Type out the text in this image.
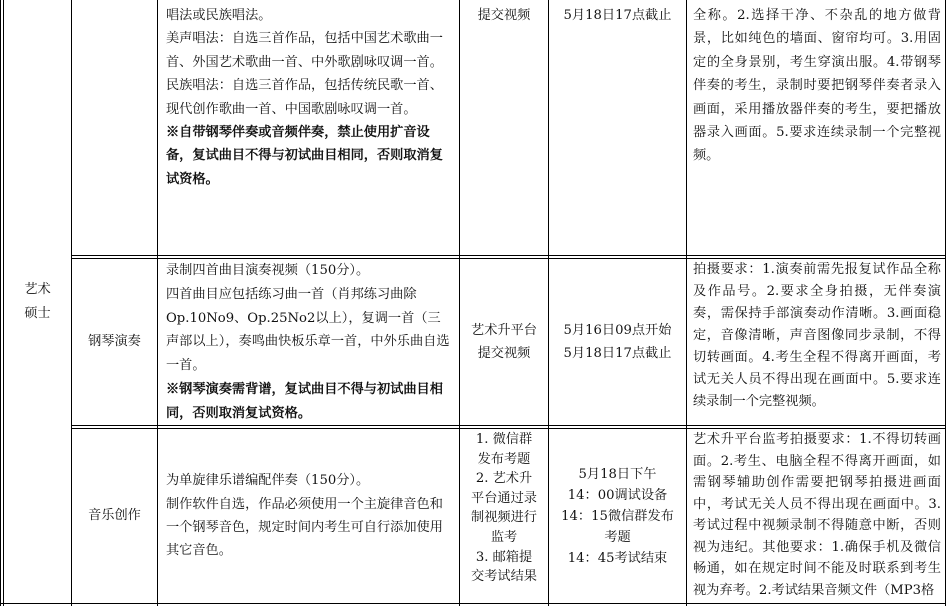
艺术
硕士
唱法或民族唱法。
美声唱法：自选三首作品，包括中国艺术歌曲一首、外国艺术歌曲一首、中外歌剧咏叹调一首。
民族唱法：自选三首作品，包括传统民歌一首、现代创作歌曲一首、中国歌剧咏叹调一首。
※自带钢琴伴奏或音频伴奏，禁止使用扩音设备，复试曲目不得与初试曲目相同，否则取消复试资格。
提交视频	5月18日17点截止	全称。2.选择干净、不杂乱的地方做背景，比如纯色的墙面、窗帘均可。3.用固定的全身景别，考生穿演出服。4.带钢琴伴奏的考生，录制时要把钢琴伴奏者录入画面，采用播放器伴奏的考生，要把播放器录入画面。5.要求连续录制一个完整视频。
钢琴演奏
录制四首曲目演奏视频（150分）。
四首曲目应包括练习曲一首（肖邦练习曲除Op.10No9、Op.25No2以上），复调一首（三声部以上），奏鸣曲快板乐章一首，中外乐曲自选一首。
※钢琴演奏需背谱，复试曲目不得与初试曲目相同，否则取消复试资格。
艺术升平台
提交视频
5月16日09点开始
5月18日17点截止
拍摄要求：1.演奏前需先报复试作品全称及作品号。2.要求全身拍摄，无伴奏演奏，需保持手部演奏动作清晰。3.画面稳定，音像清晰，声音图像同步录制，不得切转画面。4.考生全程不得离开画面，考试无关人员不得出现在画面中。5.要求连续录制一个完整视频。
音乐创作
为单旋律乐谱编配伴奏（150分）。
制作软件自选，作品必须使用一个主旋律音色和一个钢琴音色，规定时间内考生可自行添加使用其它音色。
1. 微信群
发布考题
2. 艺术升
平台通过录
制视频进行
监考
3. 邮箱提
交考试结果
5月18日下午
14：00调试设备
14：15微信群发布
考题
14：45考试结束
艺术升平台监考拍摄要求：1.不得切转画面。2.考生、电脑全程不得离开画面，如需钢琴辅助创作需要把钢琴拍摄进画面中，考试无关人员不得出现在画面中。3.考试过程中视频录制不得随意中断，否则视为违纪。其他要求：1.确保手机及微信畅通，如在规定时间不能及时联系到考生视为弃考。2.考试结果音频文件（MP3格
